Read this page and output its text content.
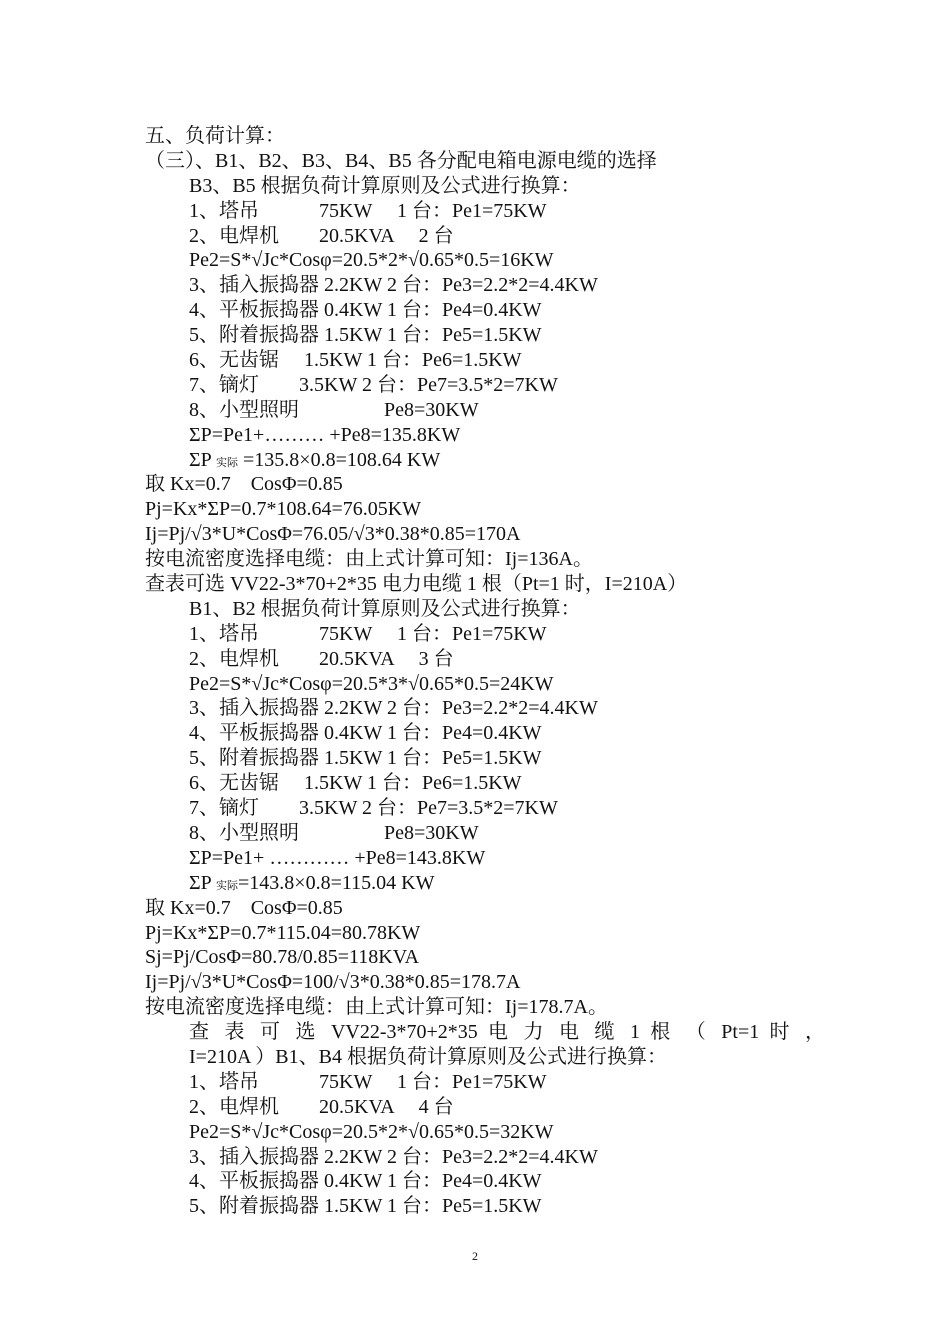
五、负荷计算：
（三）、B1、B2、B3、B4、B5 各分配电箱电源电缆的选择
B3、B5 根据负荷计算原则及公式进行换算：
1、塔吊　　　75KW　 1 台：Pe1=75KW
2、电焊机　　20.5KVA　 2 台
Pe2=S*√Jc*Cosφ=20.5*2*√0.65*0.5=16KW
3、插入振捣器 2.2KW 2 台：Pe3=2.2*2=4.4KW
4、平板振捣器 0.4KW 1 台：Pe4=0.4KW
5、附着振捣器 1.5KW 1 台：Pe5=1.5KW
6、无齿锯　 1.5KW 1 台：Pe6=1.5KW
7、镝灯　　3.5KW 2 台：Pe7=3.5*2=7KW
8、小型照明　　　　 Pe8=30KW
ΣP=Pe1+……… +Pe8=135.8KW
ΣP 实际 =135.8×0.8=108.64 KW
取 Kx=0.7　CosΦ=0.85
Pj=Kx*ΣP=0.7*108.64=76.05KW
Ij=Pj/√3*U*CosΦ=76.05/√3*0.38*0.85=170A
按电流密度选择电缆：由上式计算可知：Ij=136A。
查表可选 VV22-3*70+2*35 电力电缆 1 根（Pt=1 时，I=210A）
B1、B2 根据负荷计算原则及公式进行换算：
1、塔吊　　　75KW　 1 台：Pe1=75KW
2、电焊机　　20.5KVA　 3 台
Pe2=S*√Jc*Cosφ=20.5*3*√0.65*0.5=24KW
3、插入振捣器 2.2KW 2 台：Pe3=2.2*2=4.4KW
4、平板振捣器 0.4KW 1 台：Pe4=0.4KW
5、附着振捣器 1.5KW 1 台：Pe5=1.5KW
6、无齿锯　 1.5KW 1 台：Pe6=1.5KW
7、镝灯　　3.5KW 2 台：Pe7=3.5*2=7KW
8、小型照明　　　　 Pe8=30KW
ΣP=Pe1+ ………… +Pe8=143.8KW
ΣP 实际=143.8×0.8=115.04 KW
取 Kx=0.7　CosΦ=0.85
Pj=Kx*ΣP=0.7*115.04=80.78KW
Sj=Pj/CosΦ=80.78/0.85=118KVA
Ij=Pj/√3*U*CosΦ=100/√3*0.38*0.85=178.7A
按电流密度选择电缆：由上式计算可知：Ij=178.7A。
查 表 可 选 VV22-3*70+2*35 电 力 电 缆 1 根 （ Pt=1 时 ，
I=210A ）B1、B4 根据负荷计算原则及公式进行换算：
1、塔吊　　　75KW　 1 台：Pe1=75KW
2、电焊机　　20.5KVA　 4 台
Pe2=S*√Jc*Cosφ=20.5*2*√0.65*0.5=32KW
3、插入振捣器 2.2KW 2 台：Pe3=2.2*2=4.4KW
4、平板振捣器 0.4KW 1 台：Pe4=0.4KW
5、附着振捣器 1.5KW 1 台：Pe5=1.5KW
2
